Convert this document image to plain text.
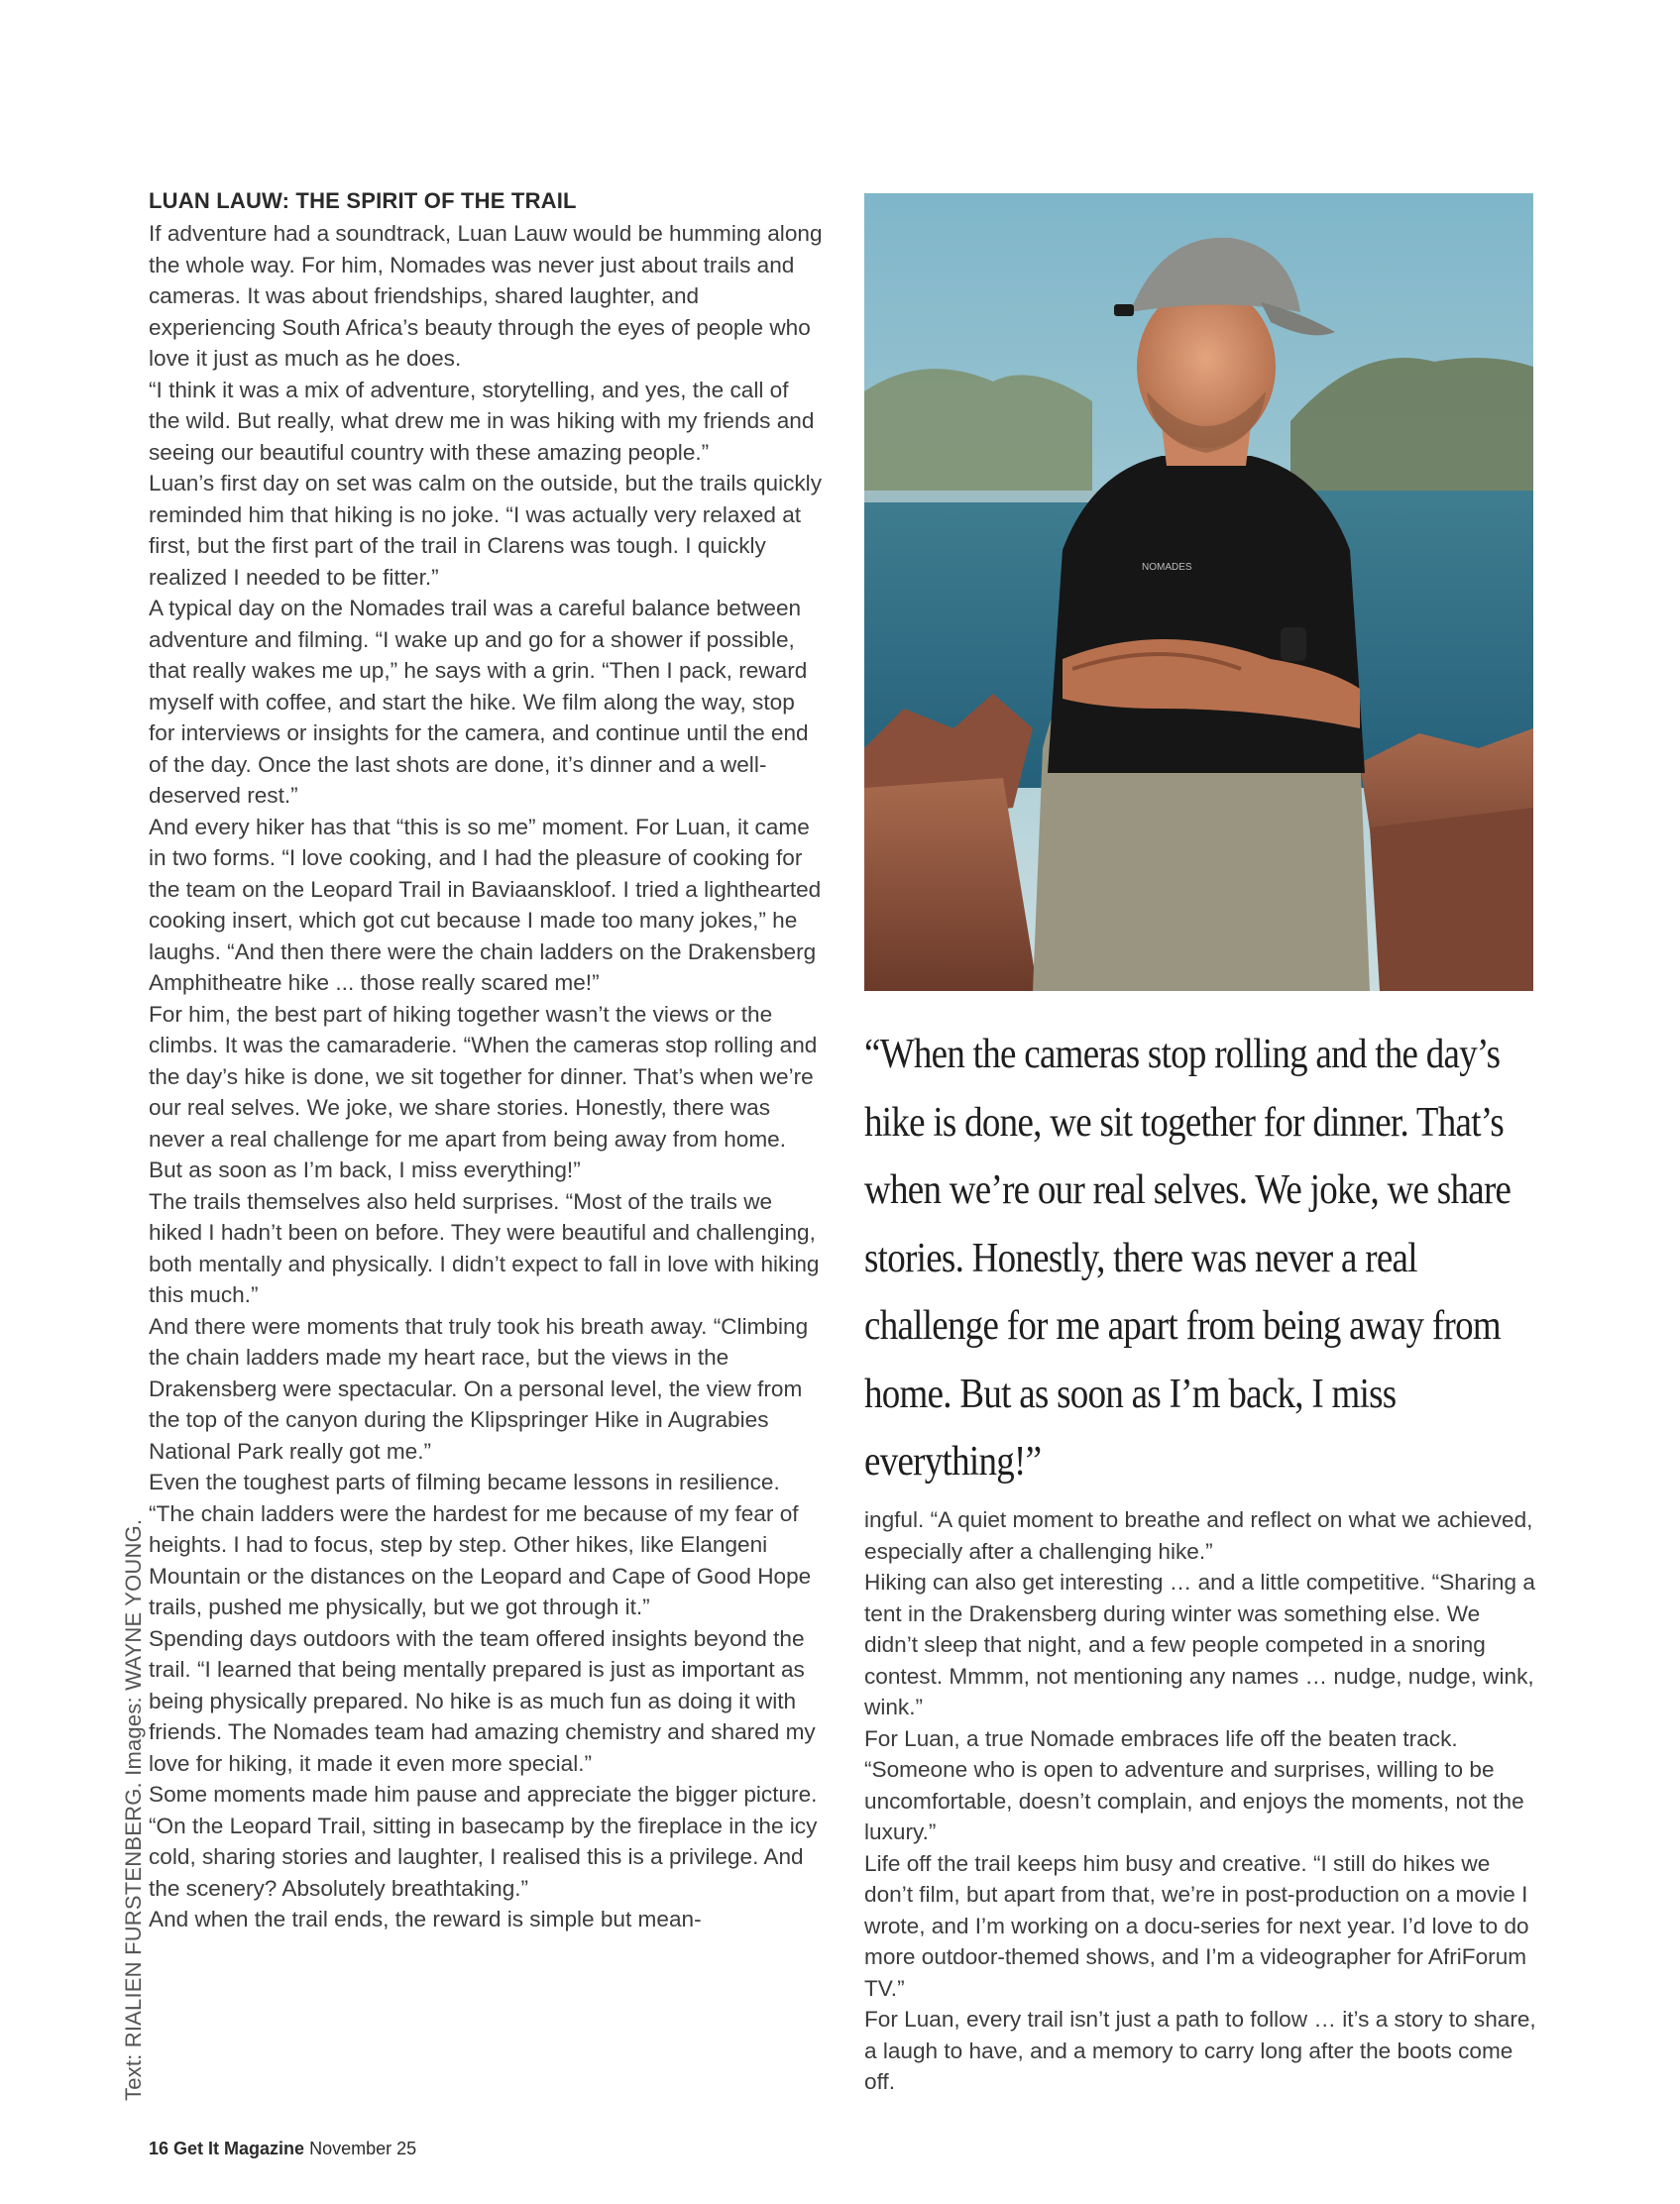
LUAN LAUW: THE SPIRIT OF THE TRAIL

If adventure had a soundtrack, Luan Lauw would be humming along the whole way. For him, Nomades was never just about trails and cameras. It was about friendships, shared laughter, and experiencing South Africa’s beauty through the eyes of people who love it just as much as he does.

“I think it was a mix of adventure, storytelling, and yes, the call of the wild. But really, what drew me in was hiking with my friends and seeing our beautiful country with these amazing people.”

Luan’s first day on set was calm on the outside, but the trails quickly reminded him that hiking is no joke. “I was actually very relaxed at first, but the first part of the trail in Clarens was tough. I quickly realized I needed to be fitter.”

A typical day on the Nomades trail was a careful balance between adventure and filming. “I wake up and go for a shower if possible, that really wakes me up,” he says with a grin. “Then I pack, reward myself with coffee, and start the hike. We film along the way, stop for interviews or insights for the camera, and continue until the end of the day. Once the last shots are done, it’s dinner and a well-deserved rest.”

And every hiker has that “this is so me” moment. For Luan, it came in two forms. “I love cooking, and I had the pleasure of cooking for the team on the Leopard Trail in Baviaanskloof. I tried a lighthearted cooking insert, which got cut because I made too many jokes,” he laughs. “And then there were the chain ladders on the Drakensberg Amphitheatre hike ... those really scared me!”

For him, the best part of hiking together wasn’t the views or the climbs. It was the camaraderie. “When the cameras stop rolling and the day’s hike is done, we sit together for dinner. That’s when we’re our real selves. We joke, we share stories. Honestly, there was never a real challenge for me apart from being away from home. But as soon as I’m back, I miss everything!”

The trails themselves also held surprises. “Most of the trails we hiked I hadn’t been on before. They were beautiful and challenging, both mentally and physically. I didn’t expect to fall in love with hiking this much.”

And there were moments that truly took his breath away. “Climbing the chain ladders made my heart race, but the views in the Drakensberg were spectacular. On a personal level, the view from the top of the canyon during the Klipspringer Hike in Augrabies National Park really got me.”

Even the toughest parts of filming became lessons in resilience. “The chain ladders were the hardest for me because of my fear of heights. I had to focus, step by step. Other hikes, like Elangeni Mountain or the distances on the Leopard and Cape of Good Hope trails, pushed me physically, but we got through it.”

Spending days outdoors with the team offered insights beyond the trail. “I learned that being mentally prepared is just as important as being physically prepared. No hike is as much fun as doing it with friends. The Nomades team had amazing chemistry and shared my love for hiking, it made it even more special.”

Some moments made him pause and appreciate the bigger picture. “On the Leopard Trail, sitting in basecamp by the fireplace in the icy cold, sharing stories and laughter, I realised this is a privilege. And the scenery? Absolutely breathtaking.”

And when the trail ends, the reward is simple but mean-

NOMADES

“When the cameras stop rolling and the day’s hike is done, we sit together for dinner. That’s when we’re our real selves. We joke, we share stories. Honestly, there was never a real challenge for me apart from being away from home. But as soon as I’m back, I miss everything!”

ingful. “A quiet moment to breathe and reflect on what we achieved, especially after a challenging hike.”

Hiking can also get interesting … and a little competitive. “Sharing a tent in the Drakensberg during winter was something else. We didn’t sleep that night, and a few people competed in a snoring contest. Mmmm, not mentioning any names … nudge, nudge, wink, wink.”

For Luan, a true Nomade embraces life off the beaten track. “Someone who is open to adventure and surprises, willing to be uncomfortable, doesn’t complain, and enjoys the moments, not the luxury.”

Life off the trail keeps him busy and creative. “I still do hikes we don’t film, but apart from that, we’re in post-production on a movie I wrote, and I’m working on a docu-series for next year. I’d love to do more outdoor-themed shows, and I’m a videographer for AfriForum TV.”

For Luan, every trail isn’t just a path to follow … it’s a story to share, a laugh to have, and a memory to carry long after the boots come off.

Text: RIALIEN FURSTENBERG. Images: WAYNE YOUNG.
16 Get It Magazine November 25
